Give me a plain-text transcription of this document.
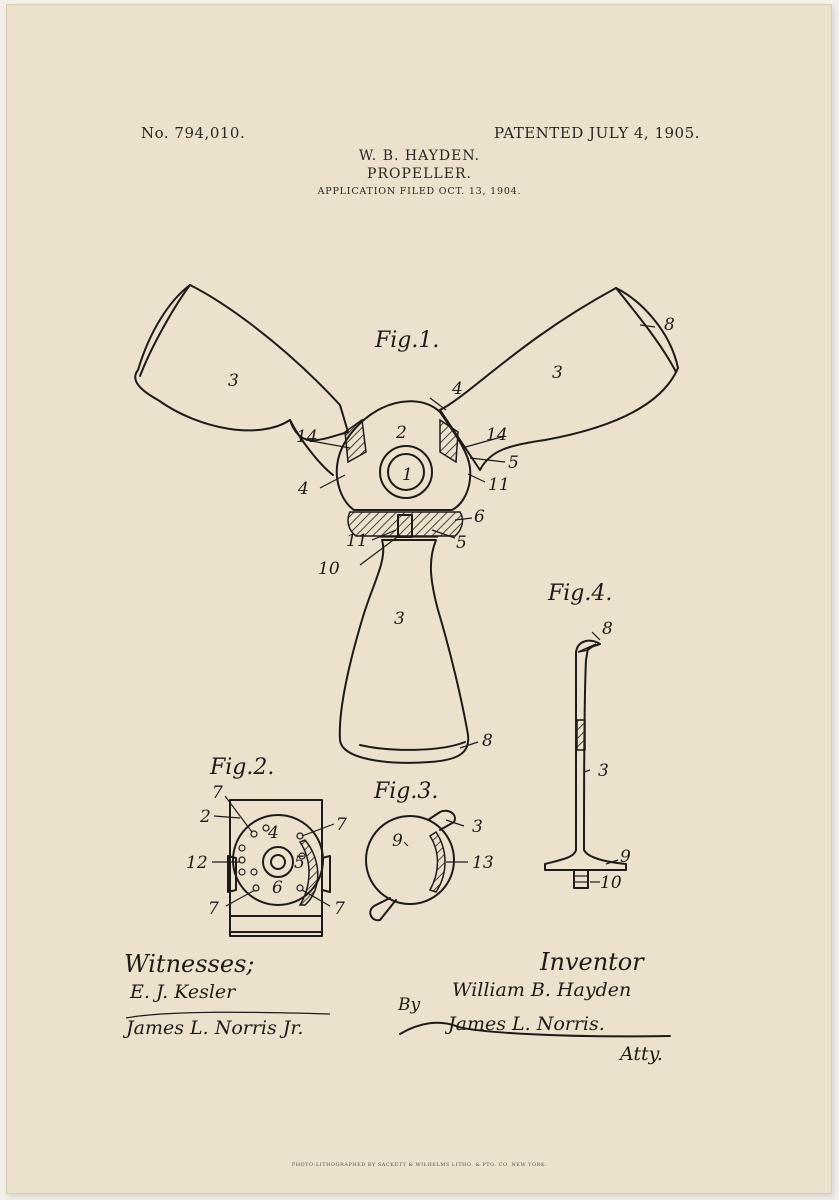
No. 794,010.	PATENTED JULY 4, 1905.
W. B. HAYDEN.
PROPELLER.
APPLICATION FILED OCT. 13, 1904.
PHOTO-LITHOGRAPHED BY SACKETT & WILHELMS LITHO. & PTG. CO. NEW YORK.
Fig.1.
3	3
8
4
2
14	14
1
5
11
4
6
11	5
10
3
8
Fig.4.
8
3
9
10
Fig.2.
7
2
4	7
5
12
6
7	7
Fig.3.
3
9
13
Witnesses;
E. J. Kesler
James L. Norris Jr.
Inventor
William B. Hayden
By
James L. Norris.
Atty.
